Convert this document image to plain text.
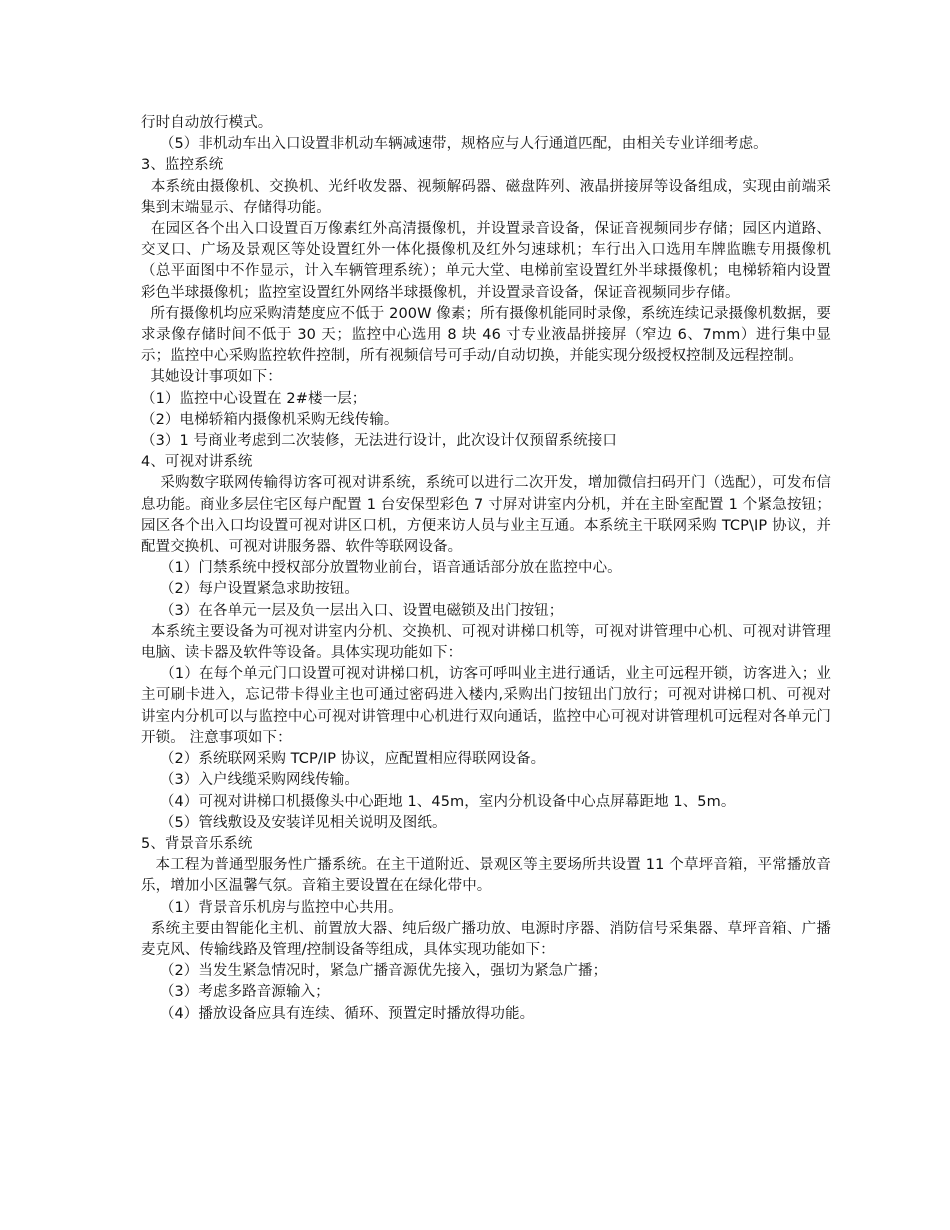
行时自动放行模式。

（5）非机动车出入口设置非机动车辆减速带，规格应与人行通道匹配，由相关专业详细考虑。

3、监控系统

本系统由摄像机、交换机、光纤收发器、视频解码器、磁盘阵列、液晶拼接屏等设备组成，实现由前端采集到末端显示、存储得功能。

在园区各个出入口设置百万像素红外高清摄像机，并设置录音设备，保证音视频同步存储；园区内道路、交叉口、广场及景观区等处设置红外一体化摄像机及红外匀速球机；车行出入口选用车牌监瞧专用摄像机（总平面图中不作显示，计入车辆管理系统）；单元大堂、电梯前室设置红外半球摄像机；电梯轿箱内设置彩色半球摄像机；监控室设置红外网络半球摄像机，并设置录音设备，保证音视频同步存储。

所有摄像机均应采购清楚度应不低于 200W 像素；所有摄像机能同时录像，系统连续记录摄像机数据，要求录像存储时间不低于 30 天；监控中心选用 8 块 46 寸专业液晶拼接屏（窄边 6、7mm）进行集中显示；监控中心采购监控软件控制，所有视频信号可手动/自动切换，并能实现分级授权控制及远程控制。

其她设计事项如下：

（1）监控中心设置在 2#楼一层；

（2）电梯轿箱内摄像机采购无线传输。

（3）1 号商业考虑到二次装修，无法进行设计，此次设计仅预留系统接口

4、可视对讲系统

采购数字联网传输得访客可视对讲系统，系统可以进行二次开发，增加微信扫码开门（选配），可发布信息功能。商业多层住宅区每户配置 1 台安保型彩色 7 寸屏对讲室内分机，并在主卧室配置 1 个紧急按钮；园区各个出入口均设置可视对讲区口机，方便来访人员与业主互通。本系统主干联网采购 TCP\IP 协议，并配置交换机、可视对讲服务器、软件等联网设备。

（1）门禁系统中授权部分放置物业前台，语音通话部分放在监控中心。

（2）每户设置紧急求助按钮。

（3）在各单元一层及负一层出入口、设置电磁锁及出门按钮；

本系统主要设备为可视对讲室内分机、交换机、可视对讲梯口机等，可视对讲管理中心机、可视对讲管理电脑、读卡器及软件等设备。具体实现功能如下：

（1）在每个单元门口设置可视对讲梯口机，访客可呼叫业主进行通话，业主可远程开锁，访客进入；业主可刷卡进入，忘记带卡得业主也可通过密码进入楼内,采购出门按钮出门放行；可视对讲梯口机、可视对讲室内分机可以与监控中心可视对讲管理中心机进行双向通话，监控中心可视对讲管理机可远程对各单元门开锁。 注意事项如下：

（2）系统联网采购 TCP/IP 协议，应配置相应得联网设备。

（3）入户线缆采购网线传输。

（4）可视对讲梯口机摄像头中心距地 1、45m，室内分机设备中心点屏幕距地 1、5m。

（5）管线敷设及安装详见相关说明及图纸。

5、背景音乐系统

本工程为普通型服务性广播系统。在主干道附近、景观区等主要场所共设置 11 个草坪音箱，平常播放音乐，增加小区温馨气氛。音箱主要设置在在绿化带中。

（1）背景音乐机房与监控中心共用。

系统主要由智能化主机、前置放大器、纯后级广播功放、电源时序器、消防信号采集器、草坪音箱、广播麦克风、传输线路及管理/控制设备等组成，具体实现功能如下：

（2）当发生紧急情况时，紧急广播音源优先接入，强切为紧急广播；

（3）考虑多路音源输入；

（4）播放设备应具有连续、循环、预置定时播放得功能。
